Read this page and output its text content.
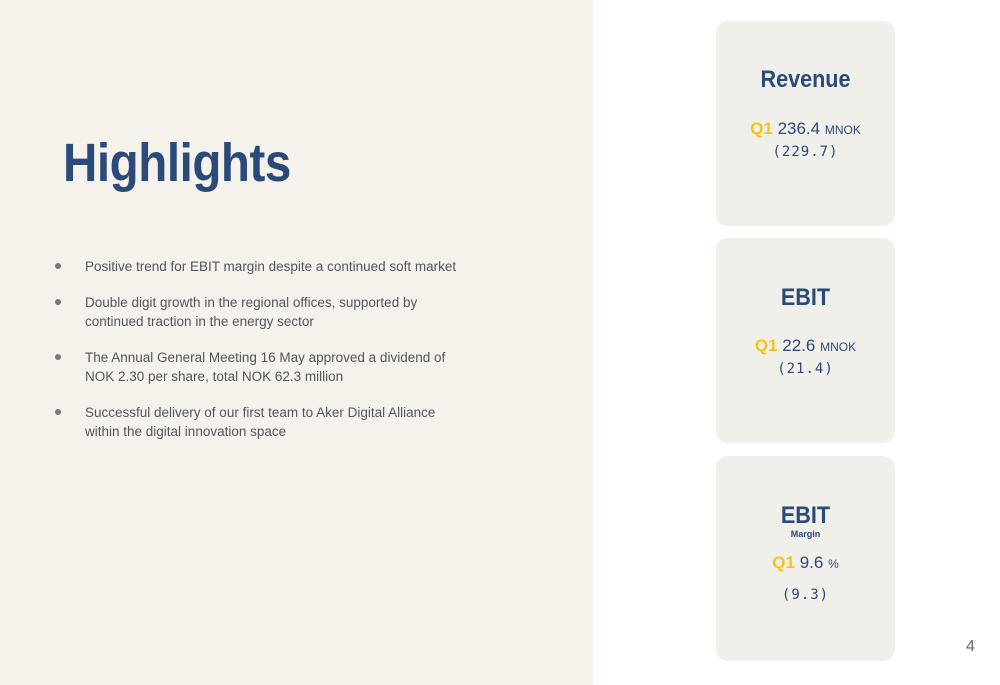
Highlights
Positive trend for EBIT margin despite a continued soft market
Double digit growth in the regional offices, supported by continued traction in the energy sector
The Annual General Meeting 16 May approved a dividend of NOK 2.30 per share, total NOK 62.3 million
Successful delivery of our first team to Aker Digital Alliance within the digital innovation space
Revenue
Q1 236.4 MNOK
(229.7)
EBIT
Q1 22.6 MNOK
(21.4)
EBIT
Margin
Q1 9.6 %
(9.3)
4
